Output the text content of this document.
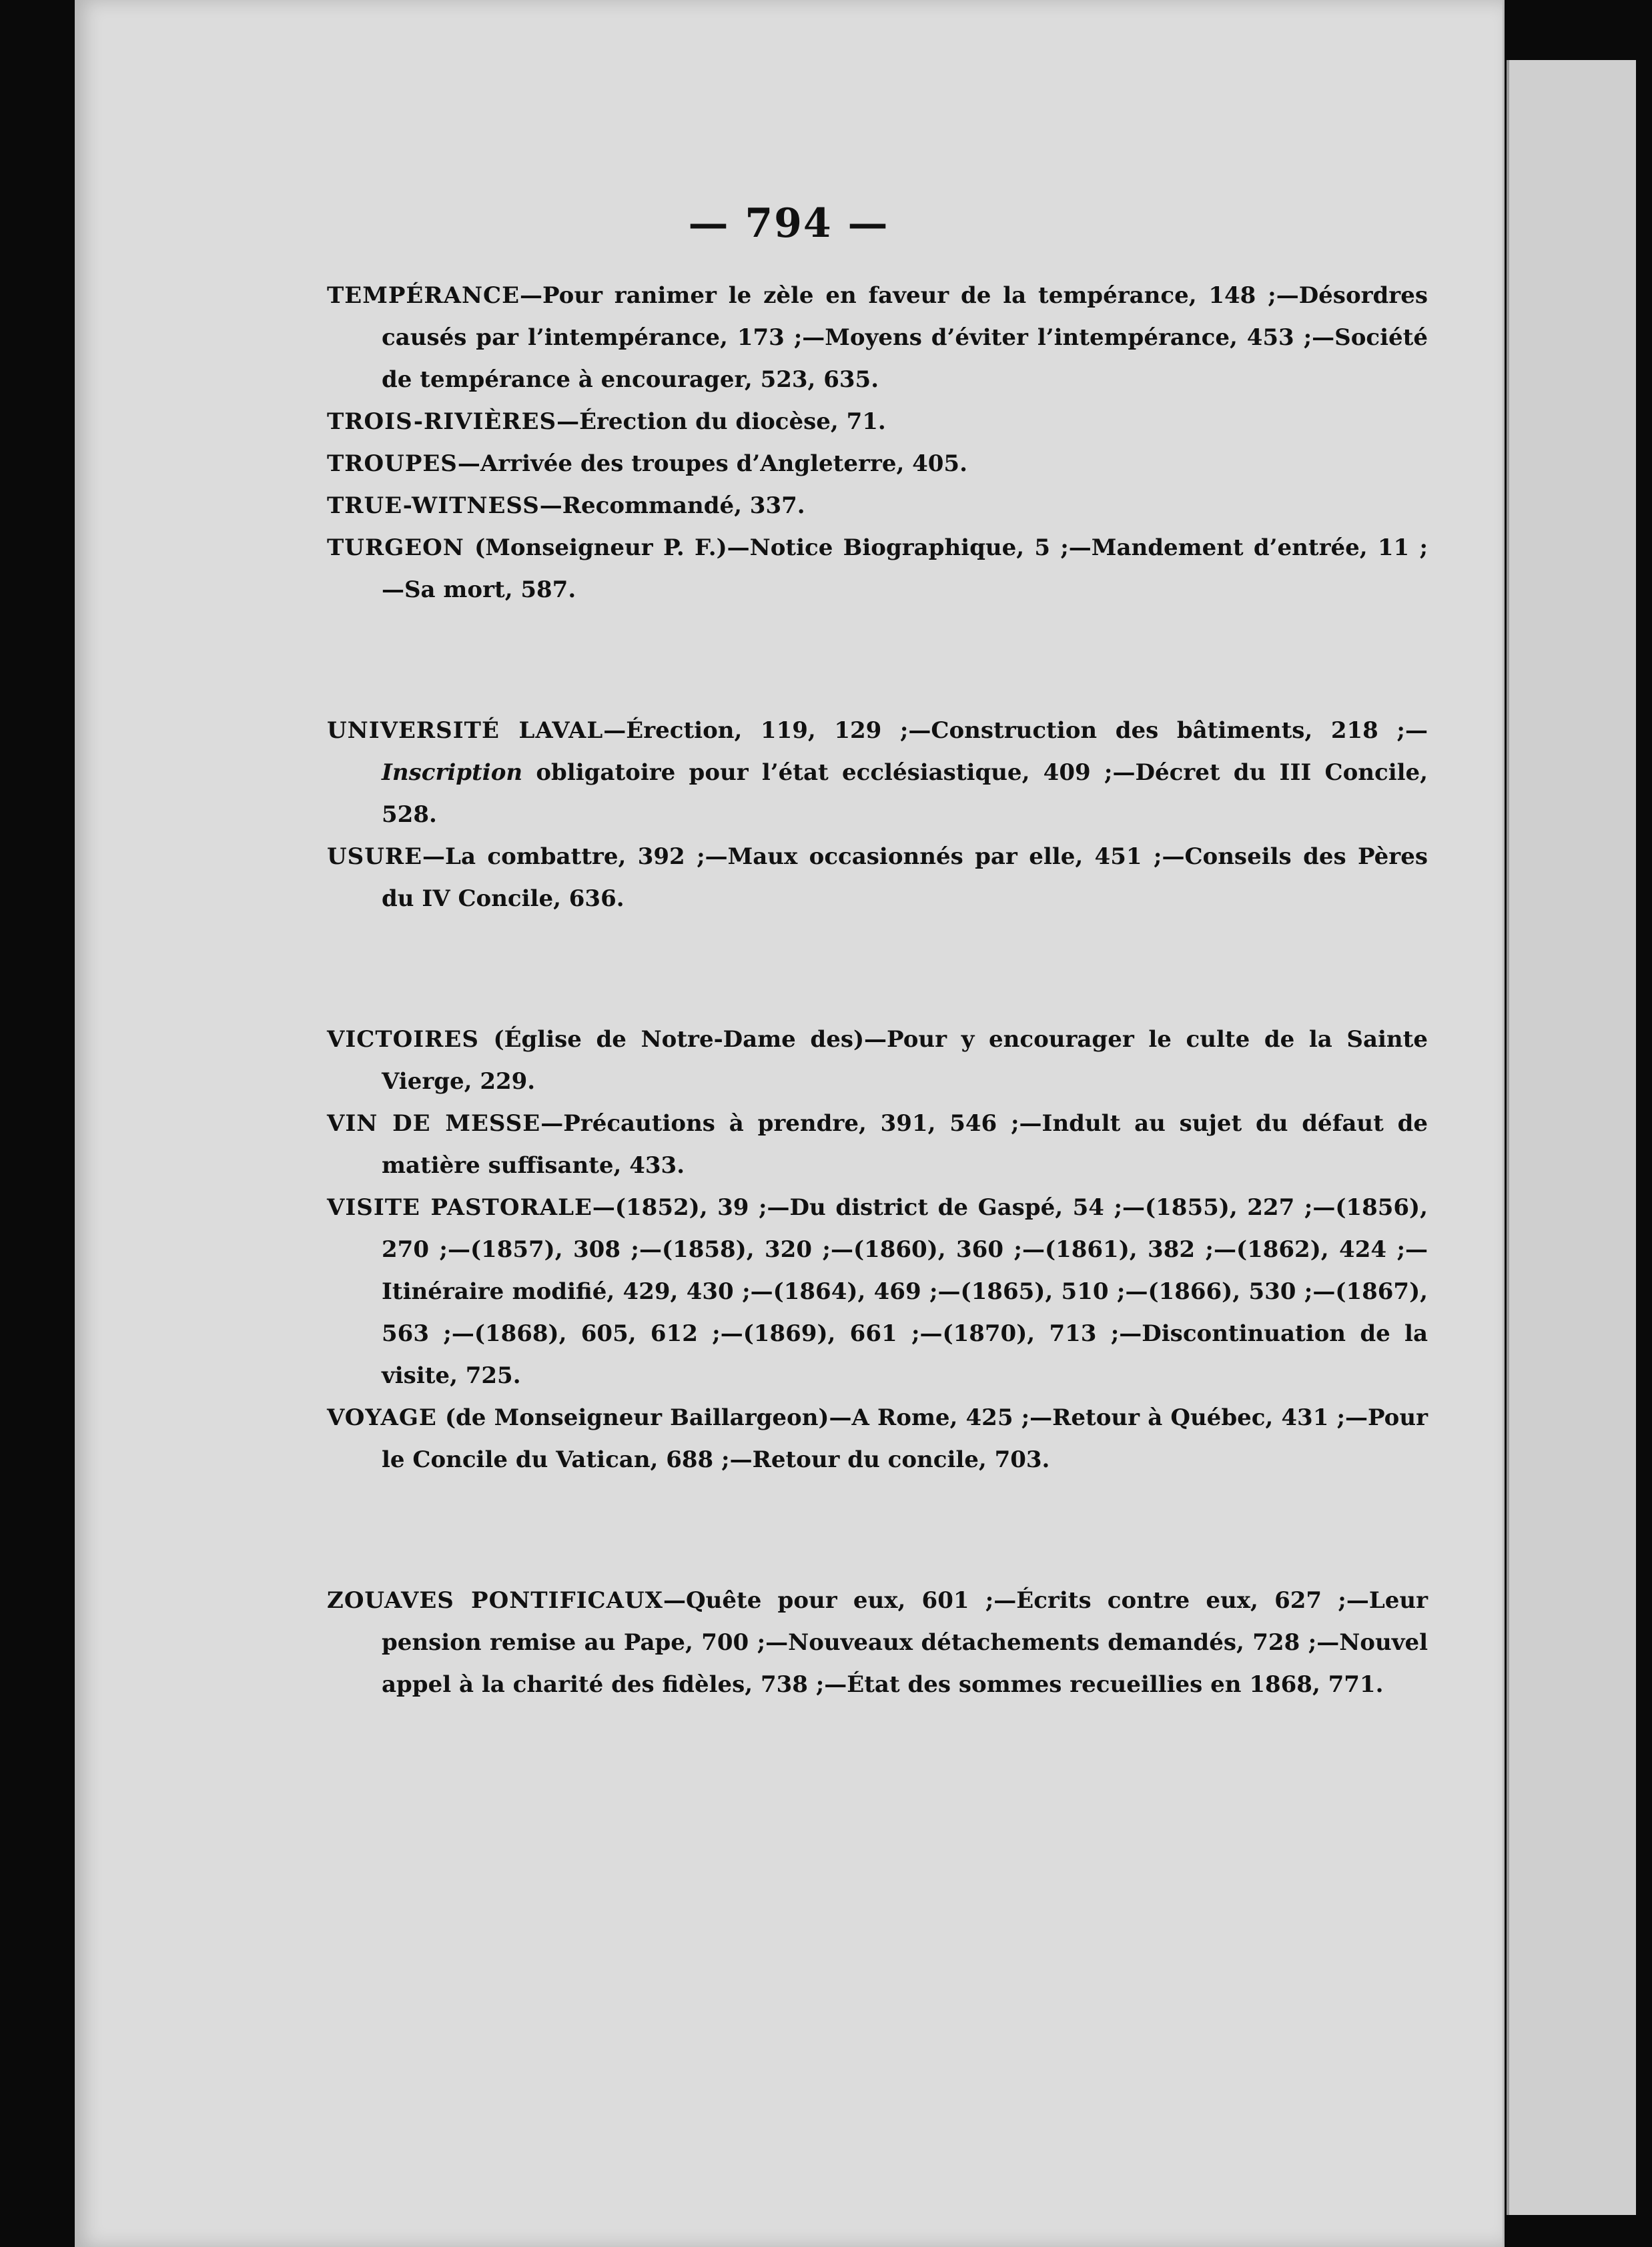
— 794 —

TEMPÉRANCE—Pour ranimer le zèle en faveur de la tempérance, 148 ;—Désordres causés par l’intempérance, 173 ;—Moyens d’éviter l’intempérance, 453 ;—Société de tempérance à encourager, 523, 635.

TROIS-RIVIÈRES—Érection du diocèse, 71.

TROUPES—Arrivée des troupes d’Angleterre, 405.

TRUE-WITNESS—Recommandé, 337.

TURGEON (Monseigneur P. F.)—Notice Biographique, 5 ;—Mandement d’entrée, 11 ; —Sa mort, 587.

UNIVERSITÉ LAVAL—Érection, 119, 129 ;—Construction des bâtiments, 218 ;—Inscription obligatoire pour l’état ecclésiastique, 409 ;—Décret du III Concile, 528.

USURE—La combattre, 392 ;—Maux occasionnés par elle, 451 ;—Conseils des Pères du IV Concile, 636.

VICTOIRES (Église de Notre-Dame des)—Pour y encourager le culte de la Sainte Vierge, 229.

VIN DE MESSE—Précautions à prendre, 391, 546 ;—Indult au sujet du défaut de matière suffisante, 433.

VISITE PASTORALE—(1852), 39 ;—Du district de Gaspé, 54 ;—(1855), 227 ;—(1856), 270 ;—(1857), 308 ;—(1858), 320 ;—(1860), 360 ;—(1861), 382 ;—(1862), 424 ;—Itinéraire modifié, 429, 430 ;—(1864), 469 ;—(1865), 510 ;—(1866), 530 ;—(1867), 563 ;—(1868), 605, 612 ;—(1869), 661 ;—(1870), 713 ;—Discontinuation de la visite, 725.

VOYAGE (de Monseigneur Baillargeon)—A Rome, 425 ;—Retour à Québec, 431 ;—Pour le Concile du Vatican, 688 ;—Retour du concile, 703.

ZOUAVES PONTIFICAUX—Quête pour eux, 601 ;—Écrits contre eux, 627 ;—Leur pension remise au Pape, 700 ;—Nouveaux détachements demandés, 728 ;—Nouvel appel à la charité des fidèles, 738 ;—État des sommes recueillies en 1868, 771.
